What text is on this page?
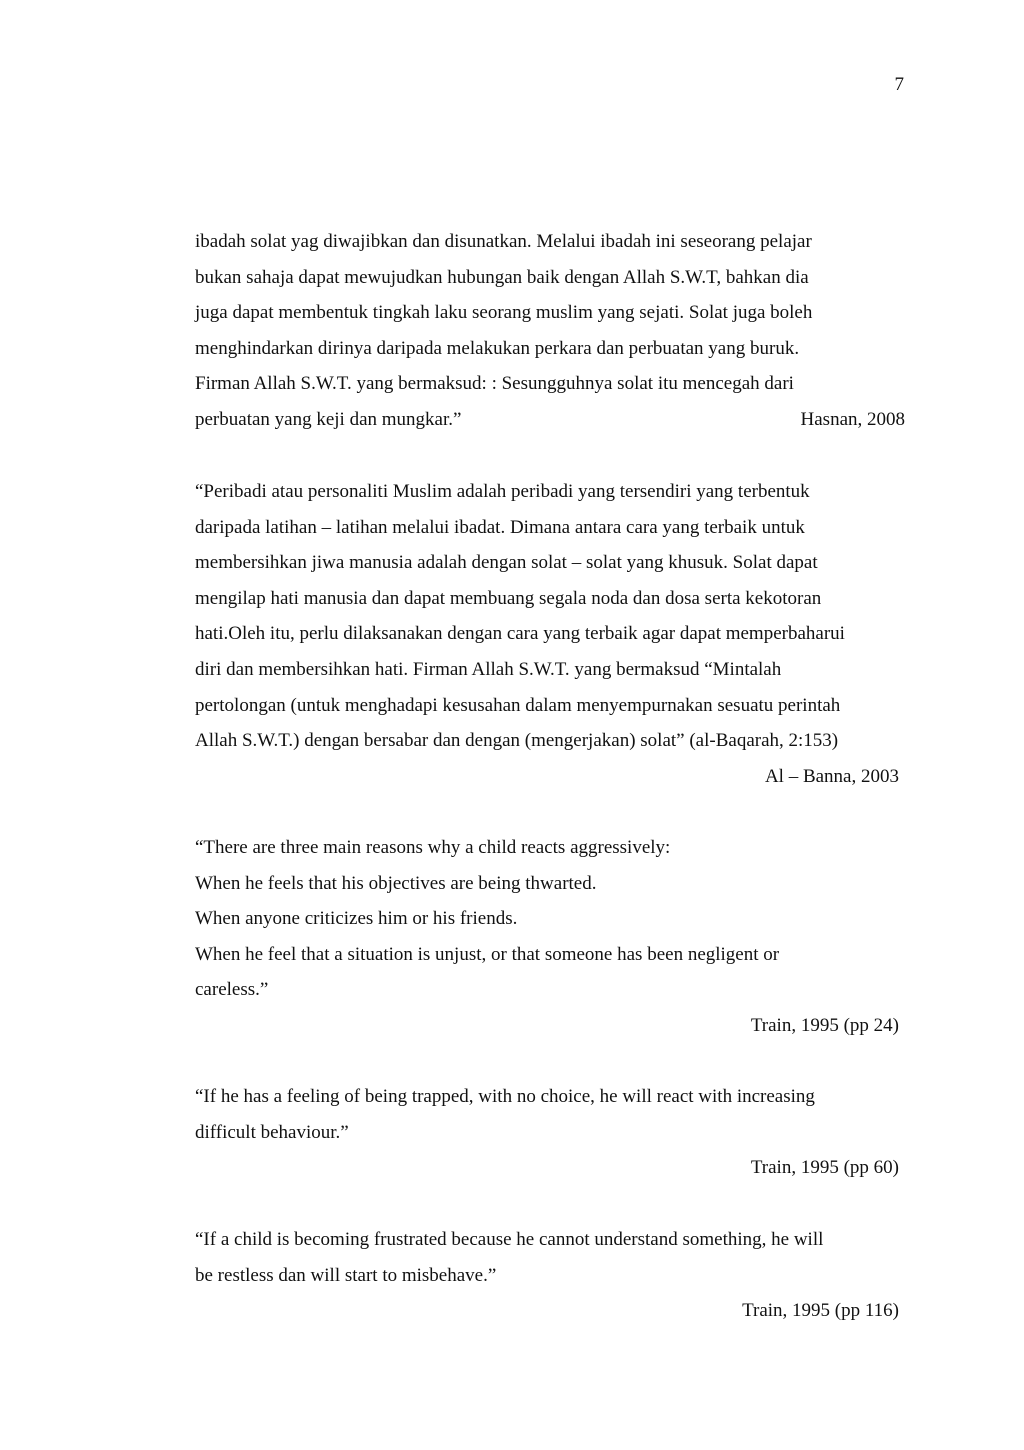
7
ibadah solat yag diwajibkan dan disunatkan. Melalui ibadah ini seseorang pelajar
bukan sahaja dapat mewujudkan hubungan baik dengan Allah S.W.T, bahkan dia
juga dapat membentuk tingkah laku seorang muslim yang sejati. Solat juga boleh
menghindarkan dirinya daripada melakukan perkara dan perbuatan yang buruk.
Firman Allah S.W.T. yang bermaksud: : Sesungguhnya solat itu mencegah dari
perbuatan yang keji dan mungkar.”	Hasnan, 2008
“Peribadi atau personaliti Muslim adalah peribadi yang tersendiri yang terbentuk
daripada latihan – latihan melalui ibadat. Dimana antara cara yang terbaik untuk
membersihkan jiwa manusia adalah dengan solat – solat yang khusuk. Solat dapat
mengilap hati manusia dan dapat membuang segala noda dan dosa serta kekotoran
hati.Oleh itu, perlu dilaksanakan dengan cara yang terbaik agar dapat memperbaharui
diri dan membersihkan hati. Firman Allah S.W.T. yang bermaksud “Mintalah
pertolongan (untuk menghadapi kesusahan dalam menyempurnakan sesuatu perintah
Allah S.W.T.) dengan bersabar dan dengan (mengerjakan) solat” (al-Baqarah, 2:153)
Al – Banna, 2003
“There are three main reasons why a child reacts aggressively:
When he feels that his objectives are being thwarted.
When anyone criticizes him or his friends.
When he feel that a situation is unjust, or that someone has been negligent or
careless.”
Train, 1995 (pp 24)
“If he has a feeling of being trapped, with no choice, he will react with increasing
difficult behaviour.”
Train, 1995 (pp 60)
“If a child is becoming frustrated because he cannot understand something, he will
be restless dan will start to misbehave.”
Train, 1995 (pp 116)
